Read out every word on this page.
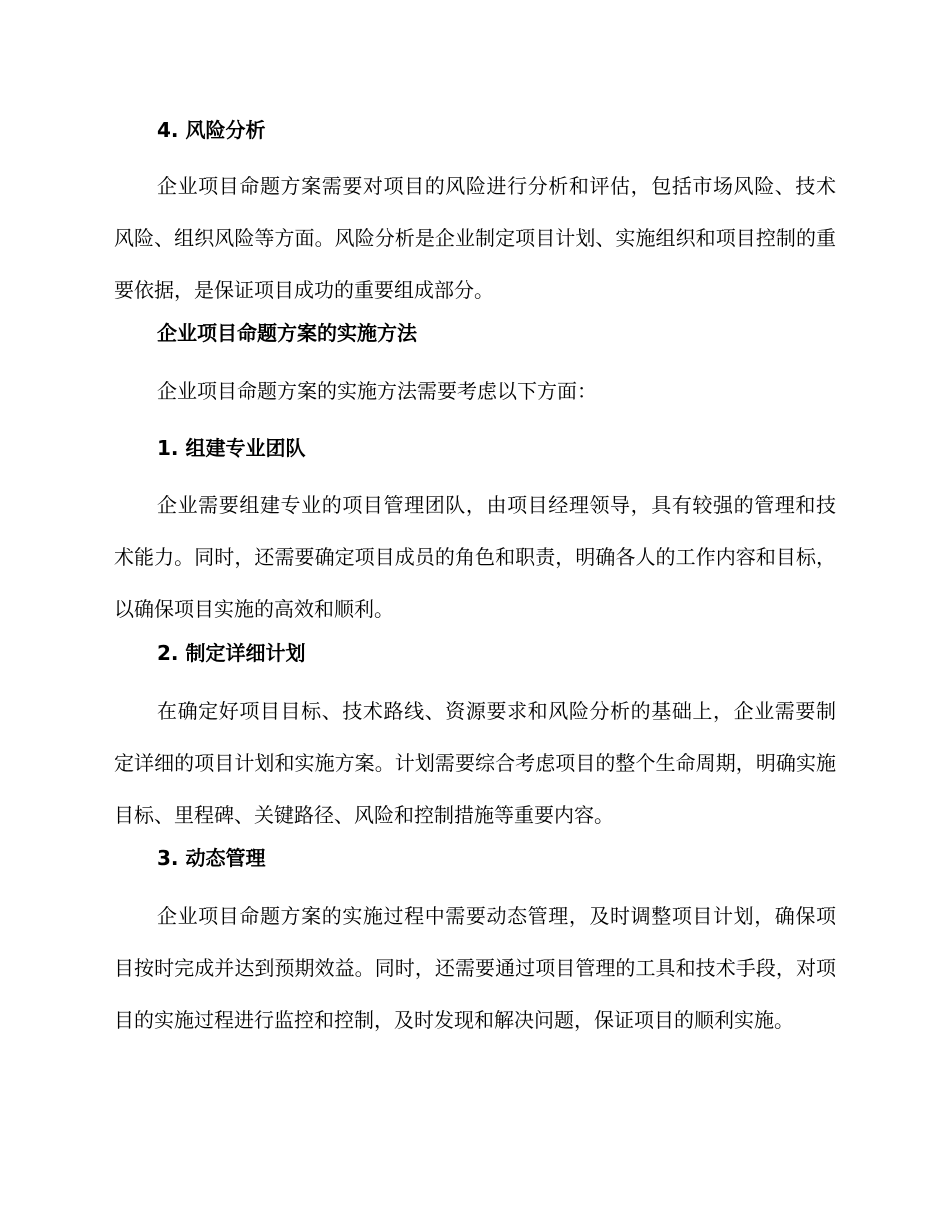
4. 风险分析

企业项目命题方案需要对项目的风险进行分析和评估，包括市场风险、技术风险、组织风险等方面。风险分析是企业制定项目计划、实施组织和项目控制的重要依据，是保证项目成功的重要组成部分。

企业项目命题方案的实施方法

企业项目命题方案的实施方法需要考虑以下方面：

1. 组建专业团队

企业需要组建专业的项目管理团队，由项目经理领导，具有较强的管理和技术能力。同时，还需要确定项目成员的角色和职责，明确各人的工作内容和目标，以确保项目实施的高效和顺利。

2. 制定详细计划

在确定好项目目标、技术路线、资源要求和风险分析的基础上，企业需要制定详细的项目计划和实施方案。计划需要综合考虑项目的整个生命周期，明确实施目标、里程碑、关键路径、风险和控制措施等重要内容。

3. 动态管理

企业项目命题方案的实施过程中需要动态管理，及时调整项目计划，确保项目按时完成并达到预期效益。同时，还需要通过项目管理的工具和技术手段，对项目的实施过程进行监控和控制，及时发现和解决问题，保证项目的顺利实施。
